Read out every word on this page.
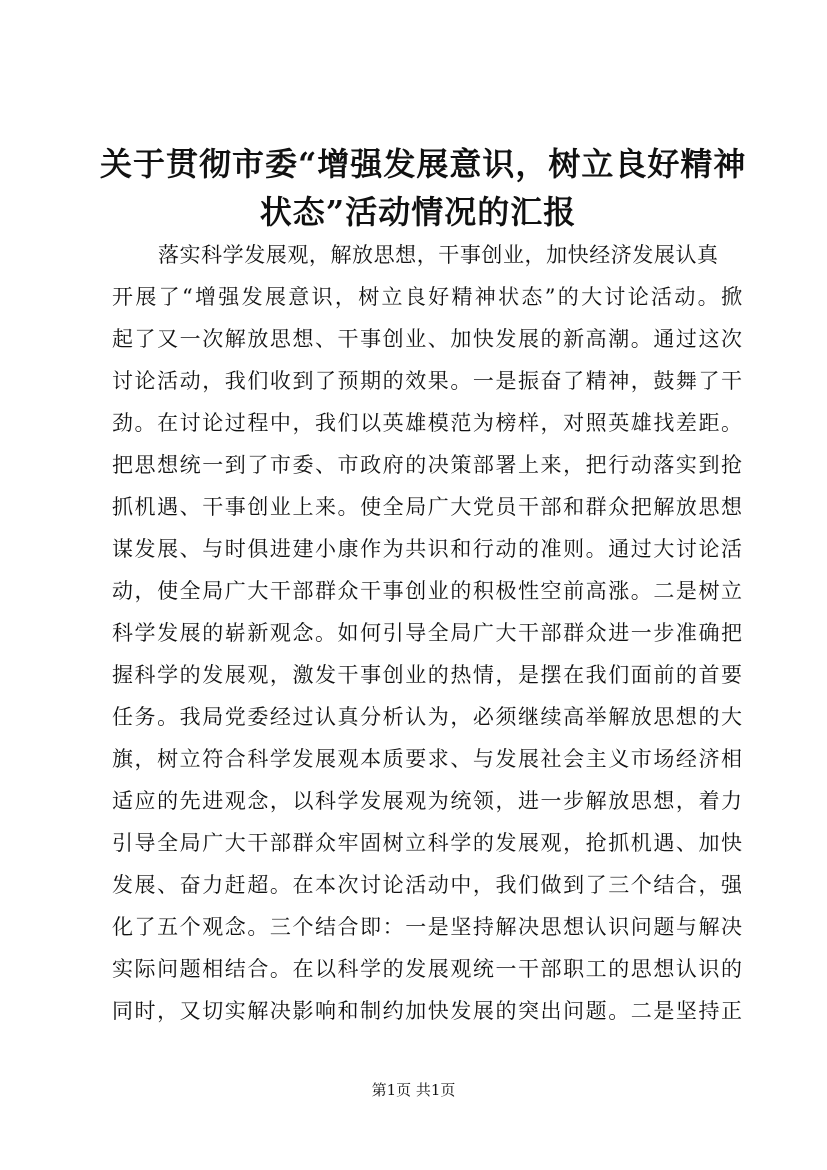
关于贯彻市委“增强发展意识，树立良好精神
状态”活动情况的汇报
落实科学发展观，解放思想，干事创业，加快经济发展认真
开展了“增强发展意识，树立良好精神状态”的大讨论活动。掀
起了又一次解放思想、干事创业、加快发展的新高潮。通过这次
讨论活动，我们收到了预期的效果。一是振奋了精神，鼓舞了干
劲。在讨论过程中，我们以英雄模范为榜样，对照英雄找差距。
把思想统一到了市委、市政府的决策部署上来，把行动落实到抢
抓机遇、干事创业上来。使全局广大党员干部和群众把解放思想
谋发展、与时俱进建小康作为共识和行动的准则。通过大讨论活
动，使全局广大干部群众干事创业的积极性空前高涨。二是树立
科学发展的崭新观念。如何引导全局广大干部群众进一步准确把
握科学的发展观，激发干事创业的热情，是摆在我们面前的首要
任务。我局党委经过认真分析认为，必须继续高举解放思想的大
旗，树立符合科学发展观本质要求、与发展社会主义市场经济相
适应的先进观念，以科学发展观为统领，进一步解放思想，着力
引导全局广大干部群众牢固树立科学的发展观，抢抓机遇、加快
发展、奋力赶超。在本次讨论活动中，我们做到了三个结合，强
化了五个观念。三个结合即：一是坚持解决思想认识问题与解决
实际问题相结合。在以科学的发展观统一干部职工的思想认识的
同时，又切实解决影响和制约加快发展的突出问题。二是坚持正
第1页 共1页
